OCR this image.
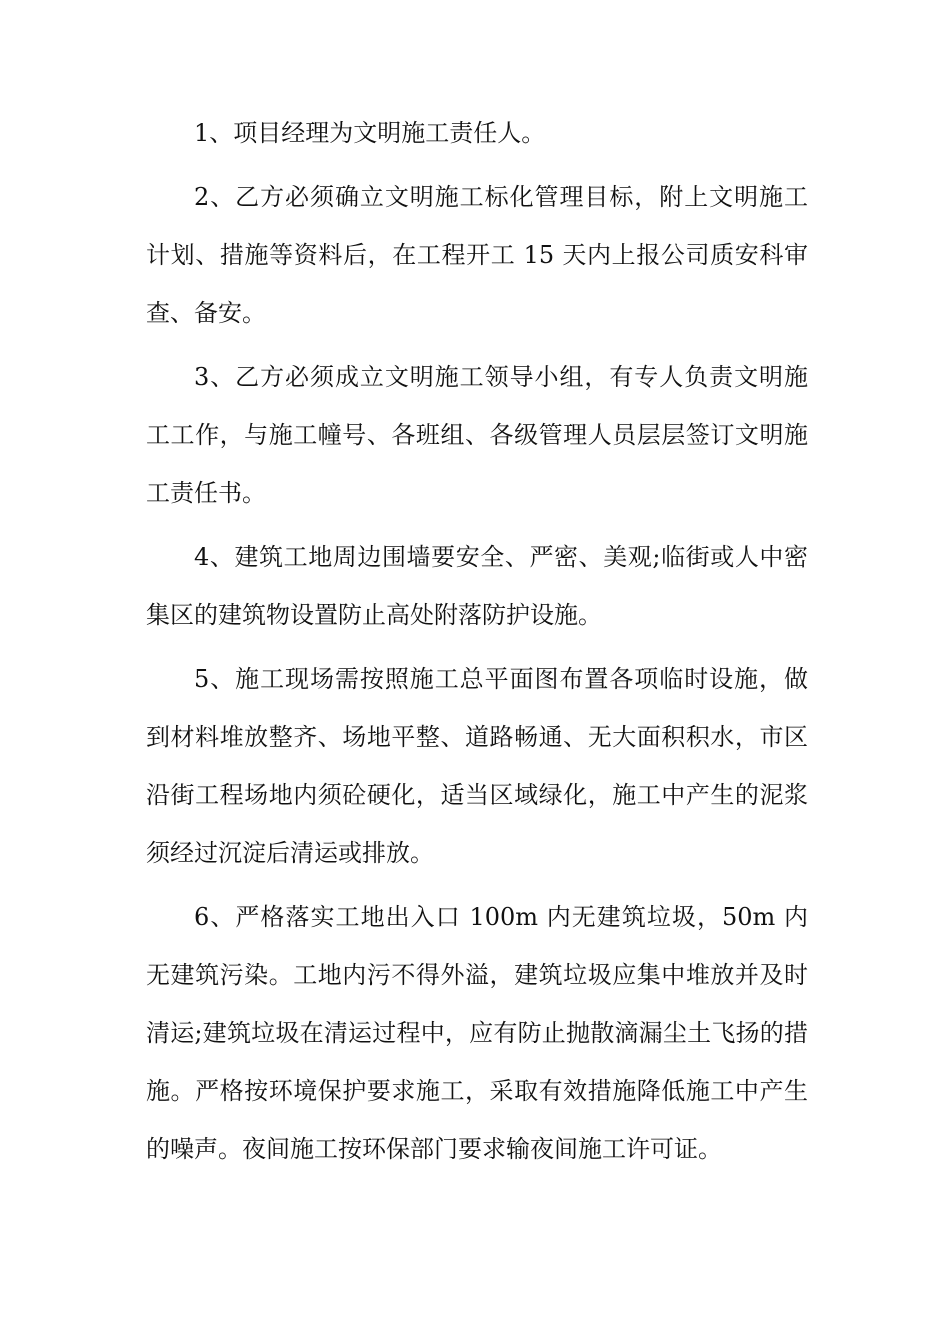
1、项目经理为文明施工责任人。

2、乙方必须确立文明施工标化管理目标，附上文明施工计划、措施等资料后，在工程开工 15 天内上报公司质安科审查、备安。

3、乙方必须成立文明施工领导小组，有专人负责文明施工工作，与施工幢号、各班组、各级管理人员层层签订文明施工责任书。

4、建筑工地周边围墙要安全、严密、美观;临街或人中密集区的建筑物设置防止高处附落防护设施。

5、施工现场需按照施工总平面图布置各项临时设施，做到材料堆放整齐、场地平整、道路畅通、无大面积积水，市区沿街工程场地内须砼硬化，适当区域绿化，施工中产生的泥浆须经过沉淀后清运或排放。

6、严格落实工地出入口 100m 内无建筑垃圾，50m 内无建筑污染。工地内污不得外溢，建筑垃圾应集中堆放并及时清运;建筑垃圾在清运过程中，应有防止抛散滴漏尘土飞扬的措施。严格按环境保护要求施工，采取有效措施降低施工中产生的噪声。夜间施工按环保部门要求输夜间施工许可证。
